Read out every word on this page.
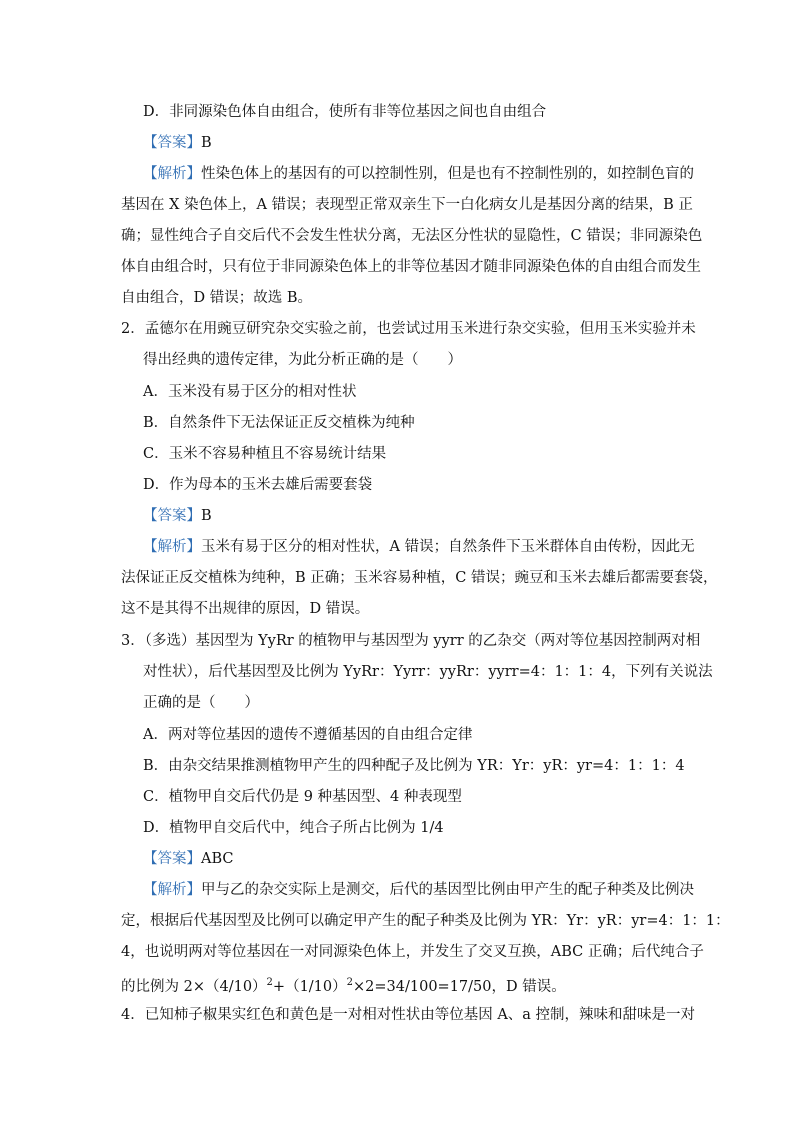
D．非同源染色体自由组合，使所有非等位基因之间也自由组合
【答案】B
【解析】性染色体上的基因有的可以控制性别，但是也有不控制性别的，如控制色盲的
基因在 X 染色体上，A 错误；表现型正常双亲生下一白化病女儿是基因分离的结果，B 正
确；显性纯合子自交后代不会发生性状分离，无法区分性状的显隐性，C 错误；非同源染色
体自由组合时，只有位于非同源染色体上的非等位基因才随非同源染色体的自由组合而发生
自由组合，D 错误；故选 B。
2．孟德尔在用豌豆研究杂交实验之前，也尝试过用玉米进行杂交实验，但用玉米实验并未
得出经典的遗传定律，为此分析正确的是（　　）
A．玉米没有易于区分的相对性状
B．自然条件下无法保证正反交植株为纯种
C．玉米不容易种植且不容易统计结果
D．作为母本的玉米去雄后需要套袋
【答案】B
【解析】玉米有易于区分的相对性状，A 错误；自然条件下玉米群体自由传粉，因此无
法保证正反交植株为纯种，B 正确；玉米容易种植，C 错误；豌豆和玉米去雄后都需要套袋，
这不是其得不出规律的原因，D 错误。
3．（多选）基因型为 YyRr 的植物甲与基因型为 yyrr 的乙杂交（两对等位基因控制两对相
对性状），后代基因型及比例为 YyRr：Yyrr：yyRr：yyrr=4：1：1：4，下列有关说法
正确的是（　　）
A．两对等位基因的遗传不遵循基因的自由组合定律
B．由杂交结果推测植物甲产生的四种配子及比例为 YR：Yr：yR：yr=4：1：1：4
C．植物甲自交后代仍是 9 种基因型、4 种表现型
D．植物甲自交后代中，纯合子所占比例为 1/4
【答案】ABC
【解析】甲与乙的杂交实际上是测交，后代的基因型比例由甲产生的配子种类及比例决
定，根据后代基因型及比例可以确定甲产生的配子种类及比例为 YR：Yr：yR：yr=4：1：1：
4，也说明两对等位基因在一对同源染色体上，并发生了交叉互换，ABC 正确；后代纯合子
的比例为 $2\times(4/10)^2+(1/10)^2\times 2=34/100=17/50$，D 错误。
4．已知柿子椒果实红色和黄色是一对相对性状由等位基因 A、a 控制，辣味和甜味是一对
